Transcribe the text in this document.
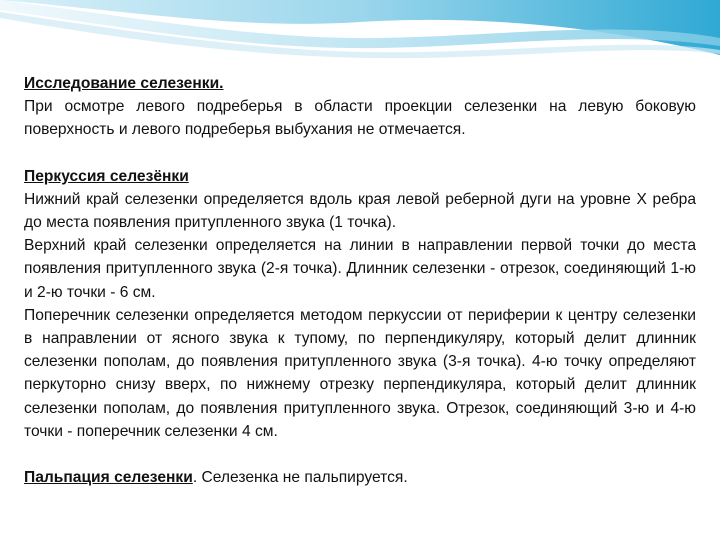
Исследование селезенки.

При осмотре левого подреберья в области проекции селезенки на левую боковую поверхность и левого подреберья выбухания не отмечается.

Перкуссия селезёнки

Нижний край селезенки определяется вдоль края левой реберной дуги на уровне X ребра до места появления притупленного звука (1 точка).

Верхний край селезенки определяется на линии в направлении первой точки до места появления притупленного звука (2-я точка). Длинник селезенки - отрезок, соединяющий 1-ю и 2-ю точки - 6 см.

Поперечник селезенки определяется методом перкуссии от периферии к центру селезенки в направлении от ясного звука к тупому, по перпендикуляру, который делит длинник селезенки пополам, до появления притупленного звука (3-я точка). 4-ю точку определяют перкуторно снизу вверх, по нижнему отрезку перпендикуляра, который делит длинник селезенки пополам, до появления притупленного звука. Отрезок, соединяющий 3-ю и 4-ю точки - поперечник селезенки 4 см.

Пальпация селезенки. Селезенка не пальпируется.
